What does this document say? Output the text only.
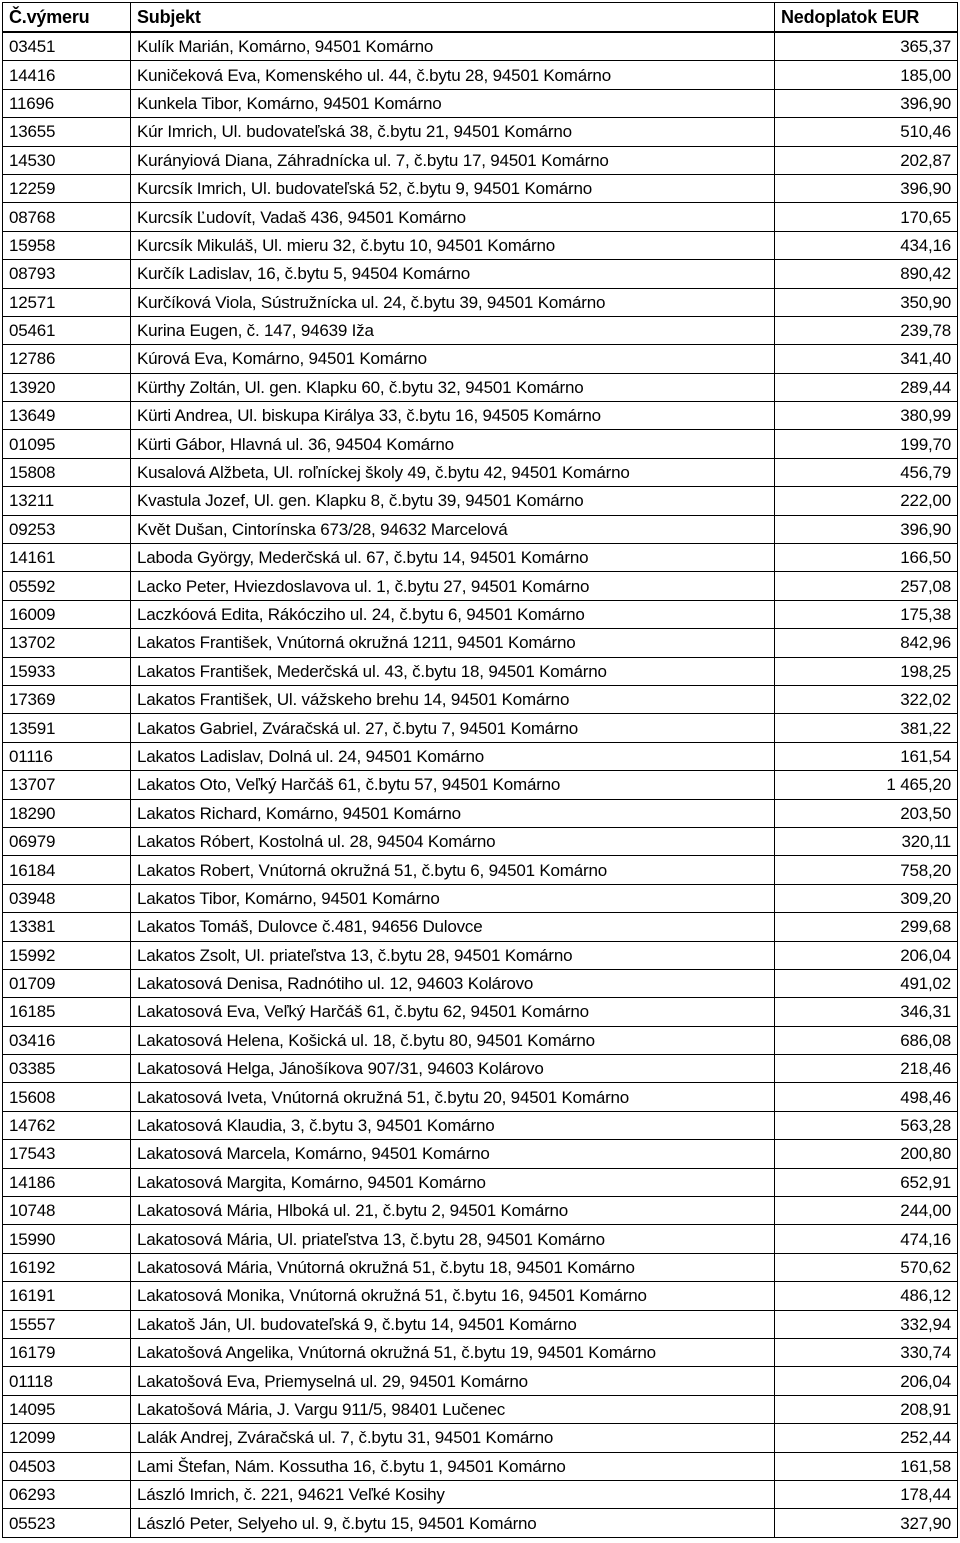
Č.výmeru	Subjekt	Nedoplatok EUR
03451	Kulík Marián, Komárno, 94501 Komárno	365,37
14416	Kuničeková Eva, Komenského ul. 44, č.bytu 28, 94501 Komárno	185,00
11696	Kunkela Tibor, Komárno, 94501 Komárno	396,90
13655	Kúr Imrich, Ul. budovateľská 38, č.bytu 21, 94501 Komárno	510,46
14530	Kurányiová Diana, Záhradnícka ul. 7, č.bytu 17, 94501 Komárno	202,87
12259	Kurcsík Imrich, Ul. budovateľská 52, č.bytu 9, 94501 Komárno	396,90
08768	Kurcsík Ľudovít, Vadaš 436, 94501 Komárno	170,65
15958	Kurcsík Mikuláš, Ul. mieru 32, č.bytu 10, 94501 Komárno	434,16
08793	Kurčík Ladislav, 16, č.bytu 5, 94504 Komárno	890,42
12571	Kurčíková Viola, Sústružnícka ul. 24, č.bytu 39, 94501 Komárno	350,90
05461	Kurina Eugen, č. 147, 94639 Iža	239,78
12786	Kúrová Eva, Komárno, 94501 Komárno	341,40
13920	Kürthy Zoltán, Ul. gen. Klapku 60, č.bytu 32, 94501 Komárno	289,44
13649	Kürti Andrea, Ul. biskupa Királya 33, č.bytu 16, 94505 Komárno	380,99
01095	Kürti Gábor, Hlavná ul. 36, 94504 Komárno	199,70
15808	Kusalová Alžbeta, Ul. roľníckej školy 49, č.bytu 42, 94501 Komárno	456,79
13211	Kvastula Jozef, Ul. gen. Klapku 8, č.bytu 39, 94501 Komárno	222,00
09253	Květ Dušan, Cintorínska 673/28, 94632 Marcelová	396,90
14161	Laboda György, Mederčská ul. 67, č.bytu 14, 94501 Komárno	166,50
05592	Lacko Peter, Hviezdoslavova ul. 1, č.bytu 27, 94501 Komárno	257,08
16009	Laczkóová Edita, Rákócziho ul. 24, č.bytu 6, 94501 Komárno	175,38
13702	Lakatos František, Vnútorná okružná 1211, 94501 Komárno	842,96
15933	Lakatos František, Mederčská ul. 43, č.bytu 18, 94501 Komárno	198,25
17369	Lakatos František, Ul. vážskeho brehu 14, 94501 Komárno	322,02
13591	Lakatos Gabriel, Zváračská ul. 27, č.bytu 7, 94501 Komárno	381,22
01116	Lakatos Ladislav, Dolná ul. 24, 94501 Komárno	161,54
13707	Lakatos Oto, Veľký Harčáš 61, č.bytu 57, 94501 Komárno	1 465,20
18290	Lakatos Richard, Komárno, 94501 Komárno	203,50
06979	Lakatos Róbert, Kostolná ul. 28, 94504 Komárno	320,11
16184	Lakatos Robert, Vnútorná okružná 51, č.bytu 6, 94501 Komárno	758,20
03948	Lakatos Tibor, Komárno, 94501 Komárno	309,20
13381	Lakatos Tomáš, Dulovce č.481, 94656 Dulovce	299,68
15992	Lakatos Zsolt, Ul. priateľstva 13, č.bytu 28, 94501 Komárno	206,04
01709	Lakatosová Denisa, Radnótiho ul. 12, 94603 Kolárovo	491,02
16185	Lakatosová Eva, Veľký Harčáš 61, č.bytu 62, 94501 Komárno	346,31
03416	Lakatosová Helena, Košická ul. 18, č.bytu 80, 94501 Komárno	686,08
03385	Lakatosová Helga, Jánošíkova 907/31, 94603 Kolárovo	218,46
15608	Lakatosová Iveta, Vnútorná okružná 51, č.bytu 20, 94501 Komárno	498,46
14762	Lakatosová Klaudia, 3, č.bytu 3, 94501 Komárno	563,28
17543	Lakatosová Marcela, Komárno, 94501 Komárno	200,80
14186	Lakatosová Margita, Komárno, 94501 Komárno	652,91
10748	Lakatosová Mária, Hlboká ul. 21, č.bytu 2, 94501 Komárno	244,00
15990	Lakatosová Mária, Ul. priateľstva 13, č.bytu 28, 94501 Komárno	474,16
16192	Lakatosová Mária, Vnútorná okružná 51, č.bytu 18, 94501 Komárno	570,62
16191	Lakatosová Monika, Vnútorná okružná 51, č.bytu 16, 94501 Komárno	486,12
15557	Lakatoš Ján, Ul. budovateľská 9, č.bytu 14, 94501 Komárno	332,94
16179	Lakatošová Angelika, Vnútorná okružná 51, č.bytu 19, 94501 Komárno	330,74
01118	Lakatošová Eva, Priemyselná ul. 29, 94501 Komárno	206,04
14095	Lakatošová Mária, J. Vargu 911/5, 98401 Lučenec	208,91
12099	Lalák Andrej, Zváračská ul. 7, č.bytu 31, 94501 Komárno	252,44
04503	Lami Štefan, Nám. Kossutha 16, č.bytu 1, 94501 Komárno	161,58
06293	László Imrich, č. 221, 94621 Veľké Kosihy	178,44
05523	László Peter, Selyeho ul. 9, č.bytu 15, 94501 Komárno	327,90
